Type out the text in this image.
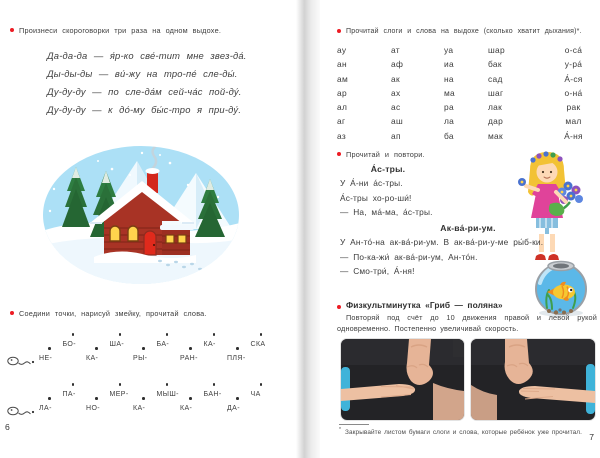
Произнеси скороговорки три раза на одном выдохе.
Да-да-да — я́р-ко све́-тит мне звез-да́.
Ды-ды-ды — ви́-жу на тро-пе́ сле-ды́.
Ду-ду-ду — по сле-да́м сей-ча́с пой-ду́.
Ду-ду-ду — к до́-му бы́с-тро я при-ду́.
Соедини точки, нарисуй змейку, прочитай слова.
НЕ-
БО-
КА-
ША-
РЫ-
БА-
РАН-
КА-
ПЛЯ-
СКА
ЛА-
ПА-
НО-
МЕР-
КА-
МЫШ-
КА-
БАН-
ДА-
ЧА
6
Прочитай слоги и слова на выдохе (сколько хватит дыхания)*.
ау	ат	уа	шар	о-са́
ан	аф	иа	бак	у-ра́
ам	ак	на	сад	А́-ся
ар	ах	ма	шаг	о-на́
ал	ас	ра	лак	рак
аг	аш	ла	дар	мал
аз	ап	ба	мак	А́-ня
Прочитай и повтори.
А́с-тры.
У А́-ни а́с-тры.
А́с-тры хо-ро-ши́!
— На, ма́-ма, а́с-тры.
Ак-ва́-ри-ум.
У Ан-то́-на ак-ва́-ри-ум. В ак-ва́-ри-у-ме ры́б-ки.
— По-ка-жи́ ак-ва́-ри-ум, Ан-то́н.
— Смо-три́, А́-ня!
Физкультминутка «Гриб — поляна»
Повторяй под счёт до 10 движения правой и левой рукой одновременно. Постепенно увеличивай скорость.
* Закрывайте листом бумаги слоги и слова, которые ребёнок уже прочитал. 7
